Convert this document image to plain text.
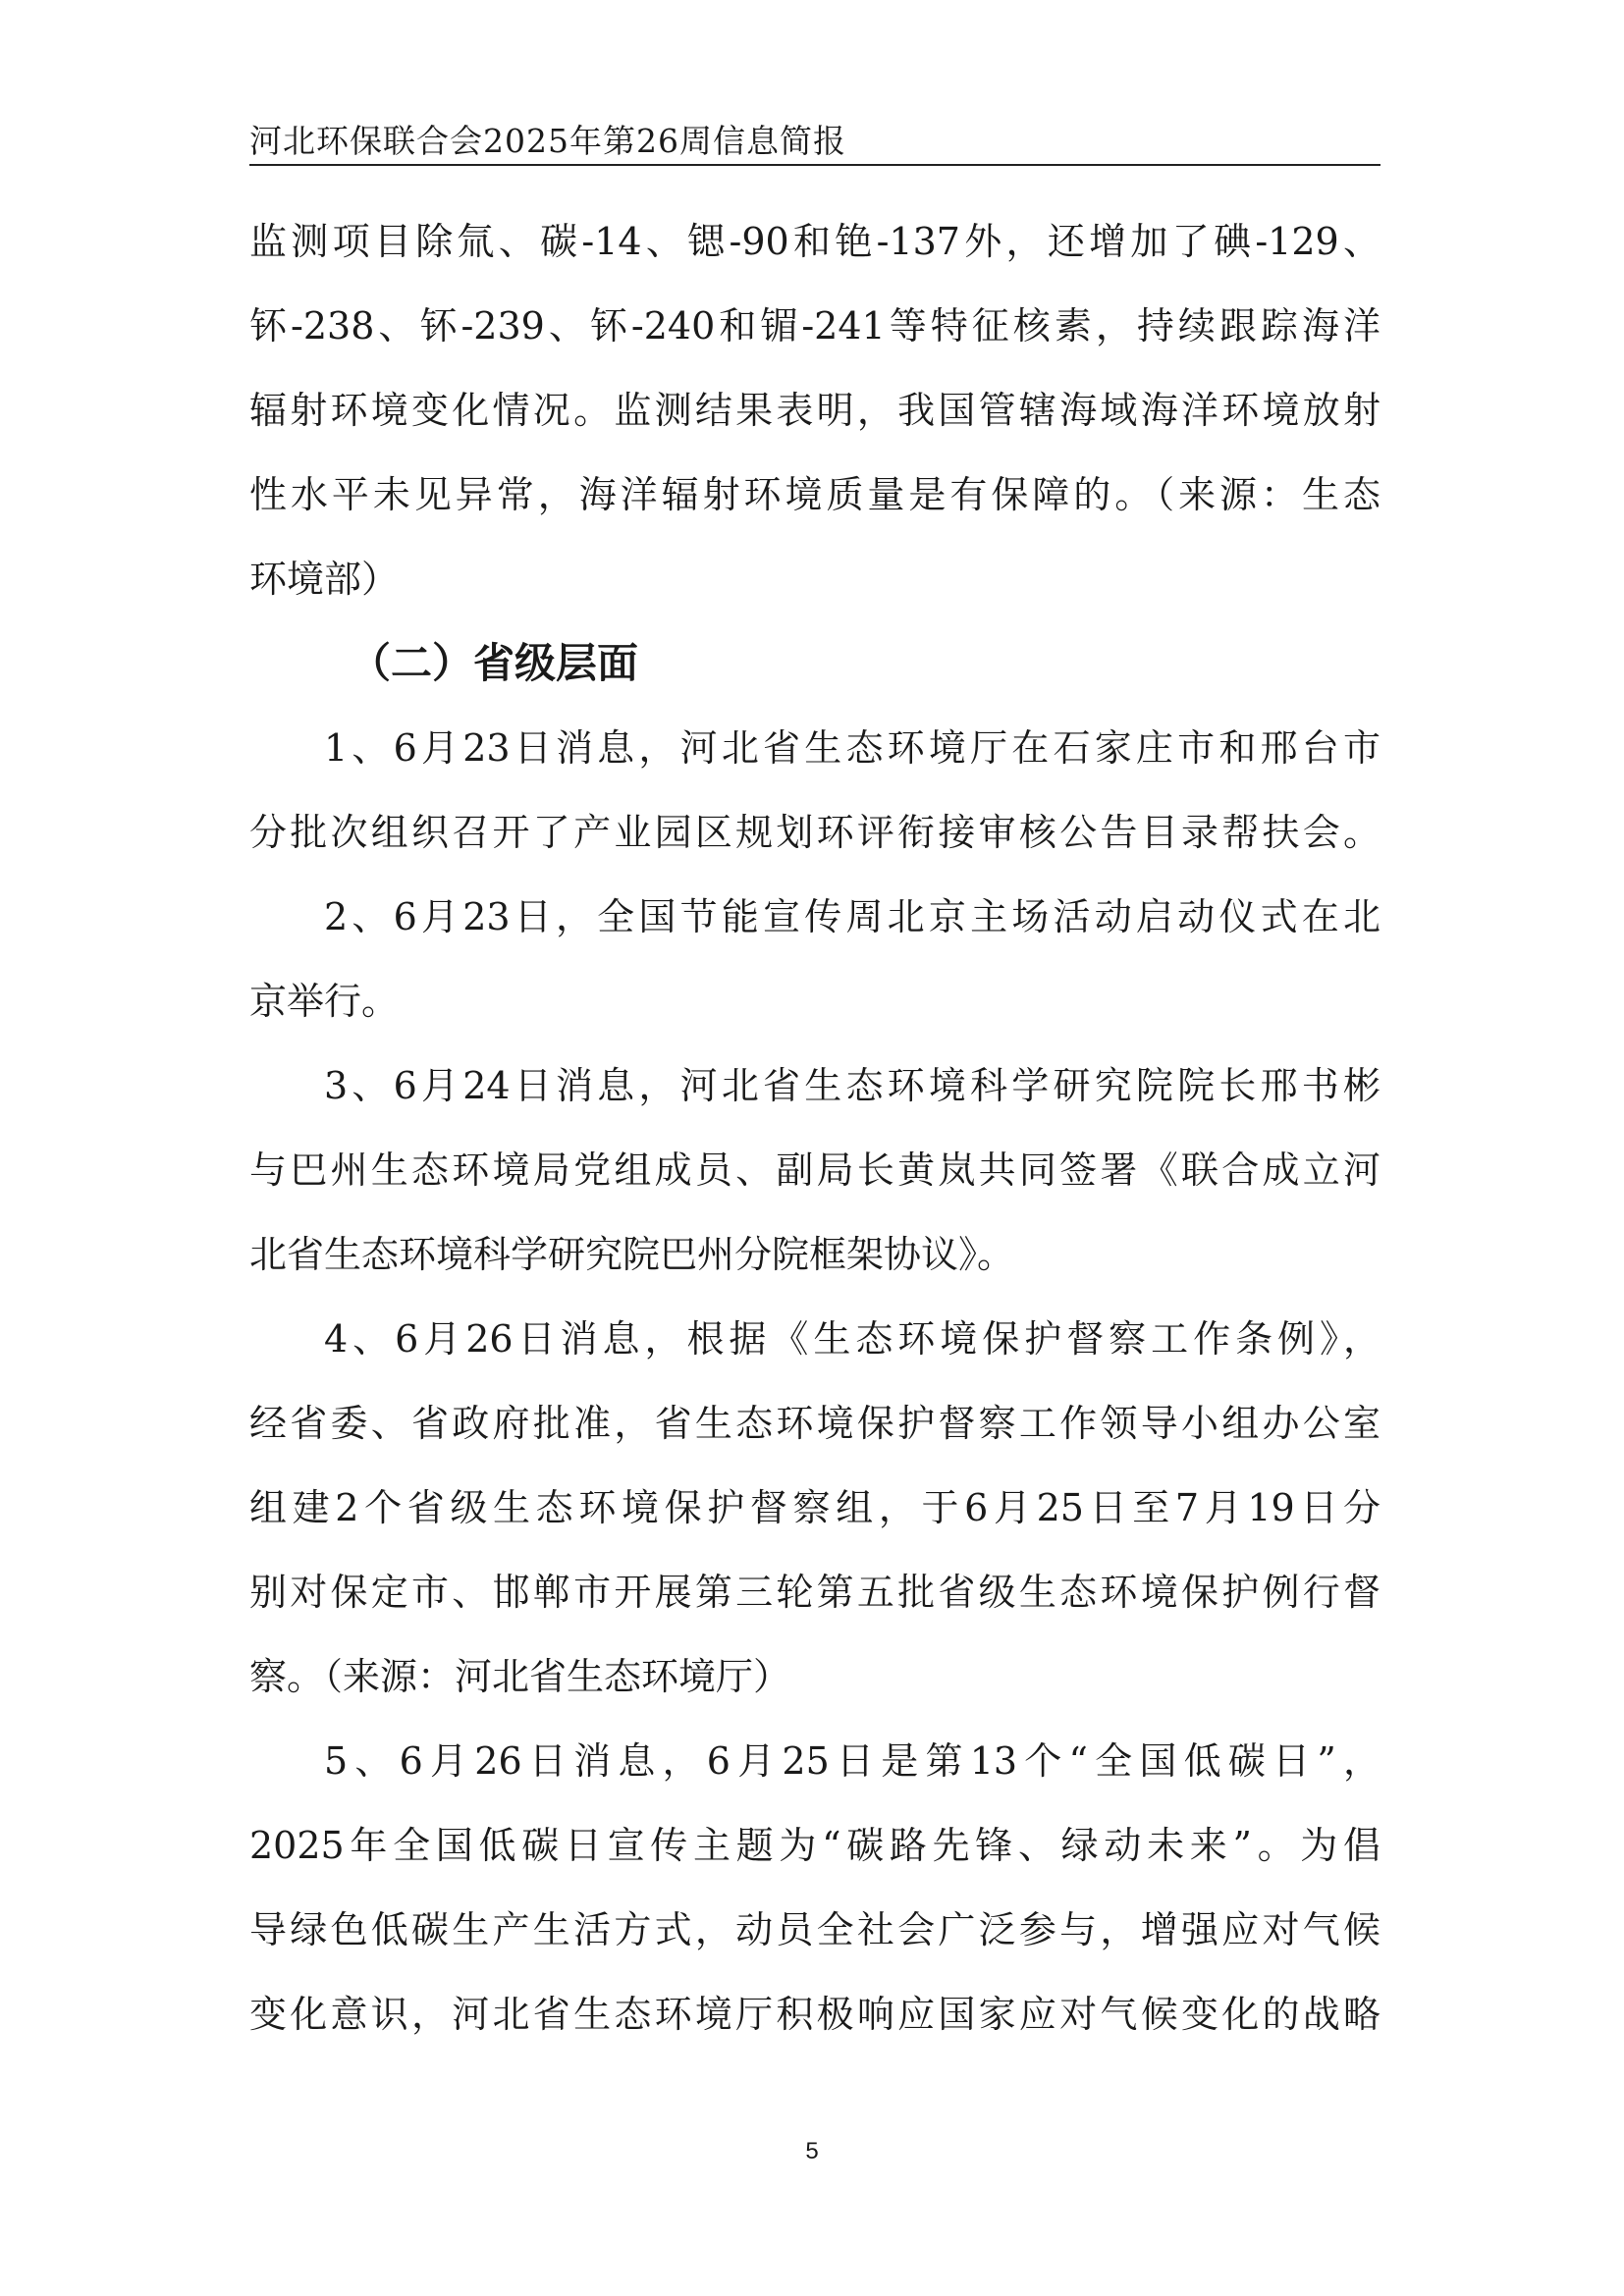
河北环保联合会2025年第26周信息简报
监测项目除氚、碳-14、锶-90和铯-137外，还增加了碘-129、
钚-238、钚-239、钚-240和镅-241等特征核素，持续跟踪海洋
辐射环境变化情况。监测结果表明，我国管辖海域海洋环境放射
性水平未见异常，海洋辐射环境质量是有保障的。（来源：生态
环境部）
（二）省级层面
1、6月23日消息，河北省生态环境厅在石家庄市和邢台市
分批次组织召开了产业园区规划环评衔接审核公告目录帮扶会。
2、6月23日，全国节能宣传周北京主场活动启动仪式在北
京举行。
3、6月24日消息，河北省生态环境科学研究院院长邢书彬
与巴州生态环境局党组成员、副局长黄岚共同签署《联合成立河
北省生态环境科学研究院巴州分院框架协议》。
4、6月26日消息，根据《生态环境保护督察工作条例》，
经省委、省政府批准，省生态环境保护督察工作领导小组办公室
组建2个省级生态环境保护督察组，于6月25日至7月19日分
别对保定市、邯郸市开展第三轮第五批省级生态环境保护例行督
察。（来源：河北省生态环境厅）
5、6月26日消息，6月25日是第13个“全国低碳日”，
2025年全国低碳日宣传主题为“碳路先锋、绿动未来”。为倡
导绿色低碳生产生活方式，动员全社会广泛参与，增强应对气候
变化意识，河北省生态环境厅积极响应国家应对气候变化的战略
5
